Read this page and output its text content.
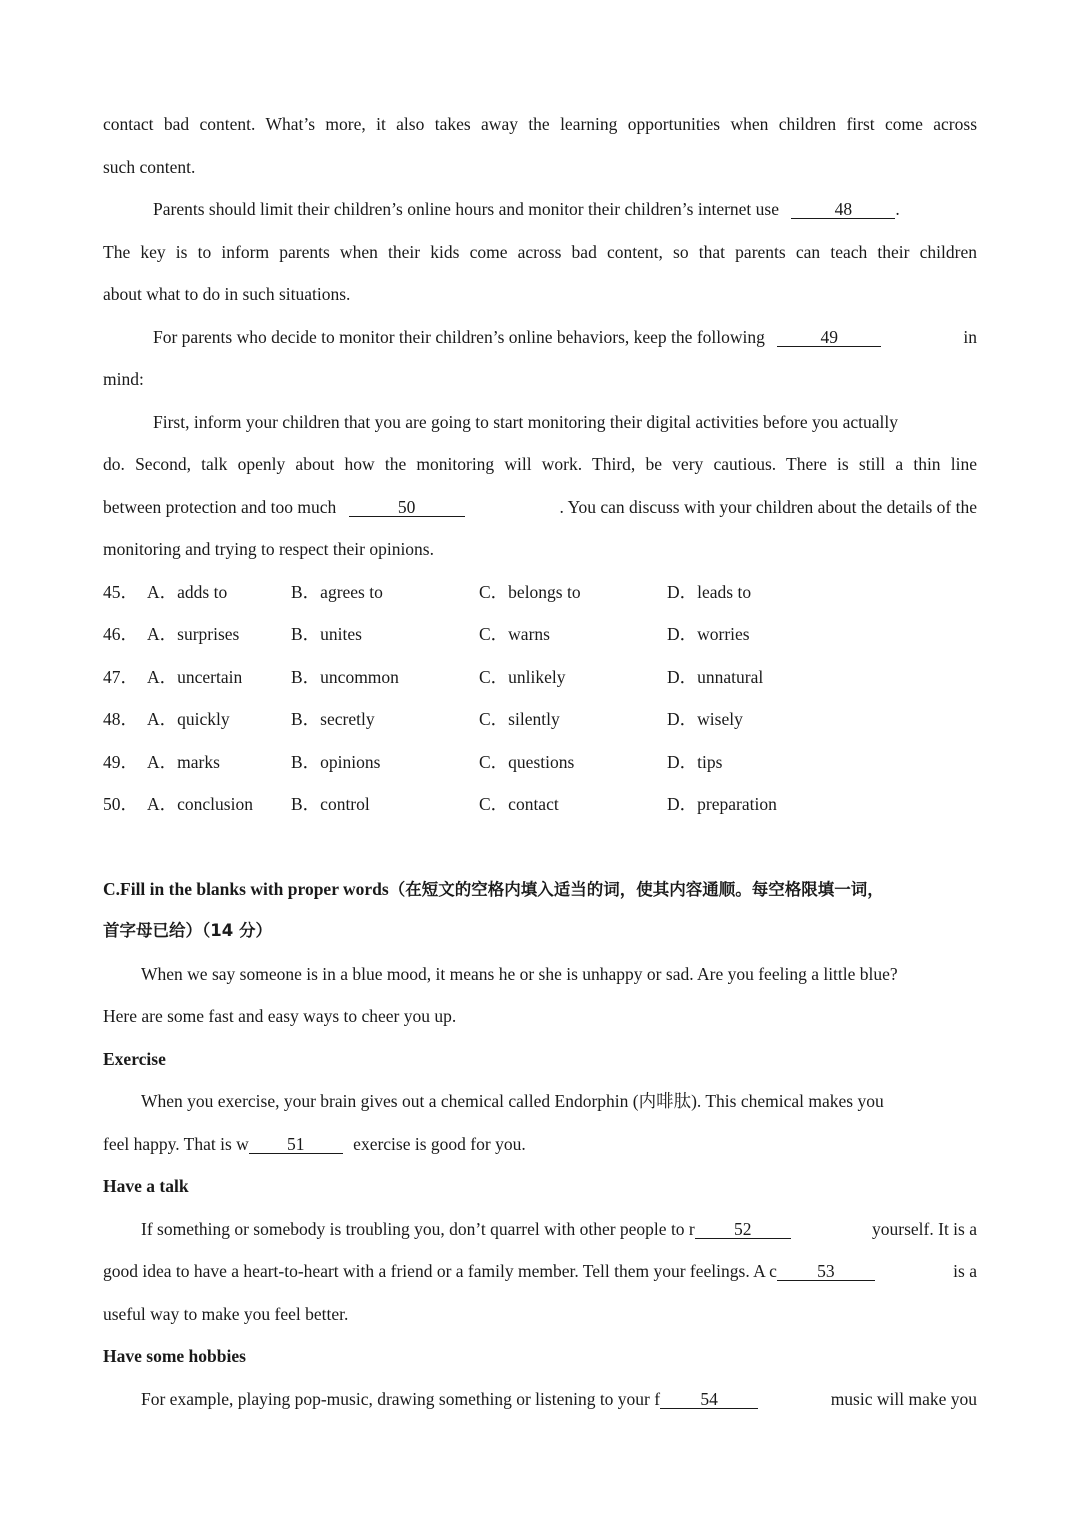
contact bad content. What’s more, it also takes away the learning opportunities when children first come across
such content.
Parents should limit their children’s online hours and monitor their children’s internet use	48 .
The key is to inform parents when their kids come across bad content, so that parents can teach their children
about what to do in such situations.
For parents who decide to monitor their children’s online behaviors, keep the following	49	in
mind:
First, inform your children that you are going to start monitoring their digital activities before you actually
do. Second, talk openly about how the monitoring will work. Third, be very cautious. There is still a thin line
between protection and too much	50	. You can discuss with your children about the details of the
monitoring and trying to respect their opinions.
45． A．adds to	B．agrees to	C．belongs to	D．leads to
46． A．surprises	B．unites	C．warns	D．worries
47． A．uncertain	B．uncommon	C．unlikely	D．unnatural
48． A．quickly	B．secretly	C．silently	D．wisely
49． A．marks	B．opinions	C．questions	D．tips
50． A．conclusion B．control	C．contact	D．preparation
C.Fill in the blanks with proper words（在短文的空格内填入适当的词，使其内容通顺。每空格限填一词，
首字母已给）（14 分）
When we say someone is in a blue mood, it means he or she is unhappy or sad. Are you feeling a little blue?
Here are some fast and easy ways to cheer you up.
Exercise
When you exercise, your brain gives out a chemical called Endorphin (内啡肽). This chemical makes you
feel happy. That is w 51	exercise is good for you.
Have a talk
If something or somebody is troubling you, don’t quarrel with other people to r 52	yourself. It is a
good idea to have a heart-to-heart with a friend or a family member. Tell them your feelings. A c 53	is a
useful way to make you feel better.
Have some hobbies
For example, playing pop-music, drawing something or listening to your f 54	music will make you
